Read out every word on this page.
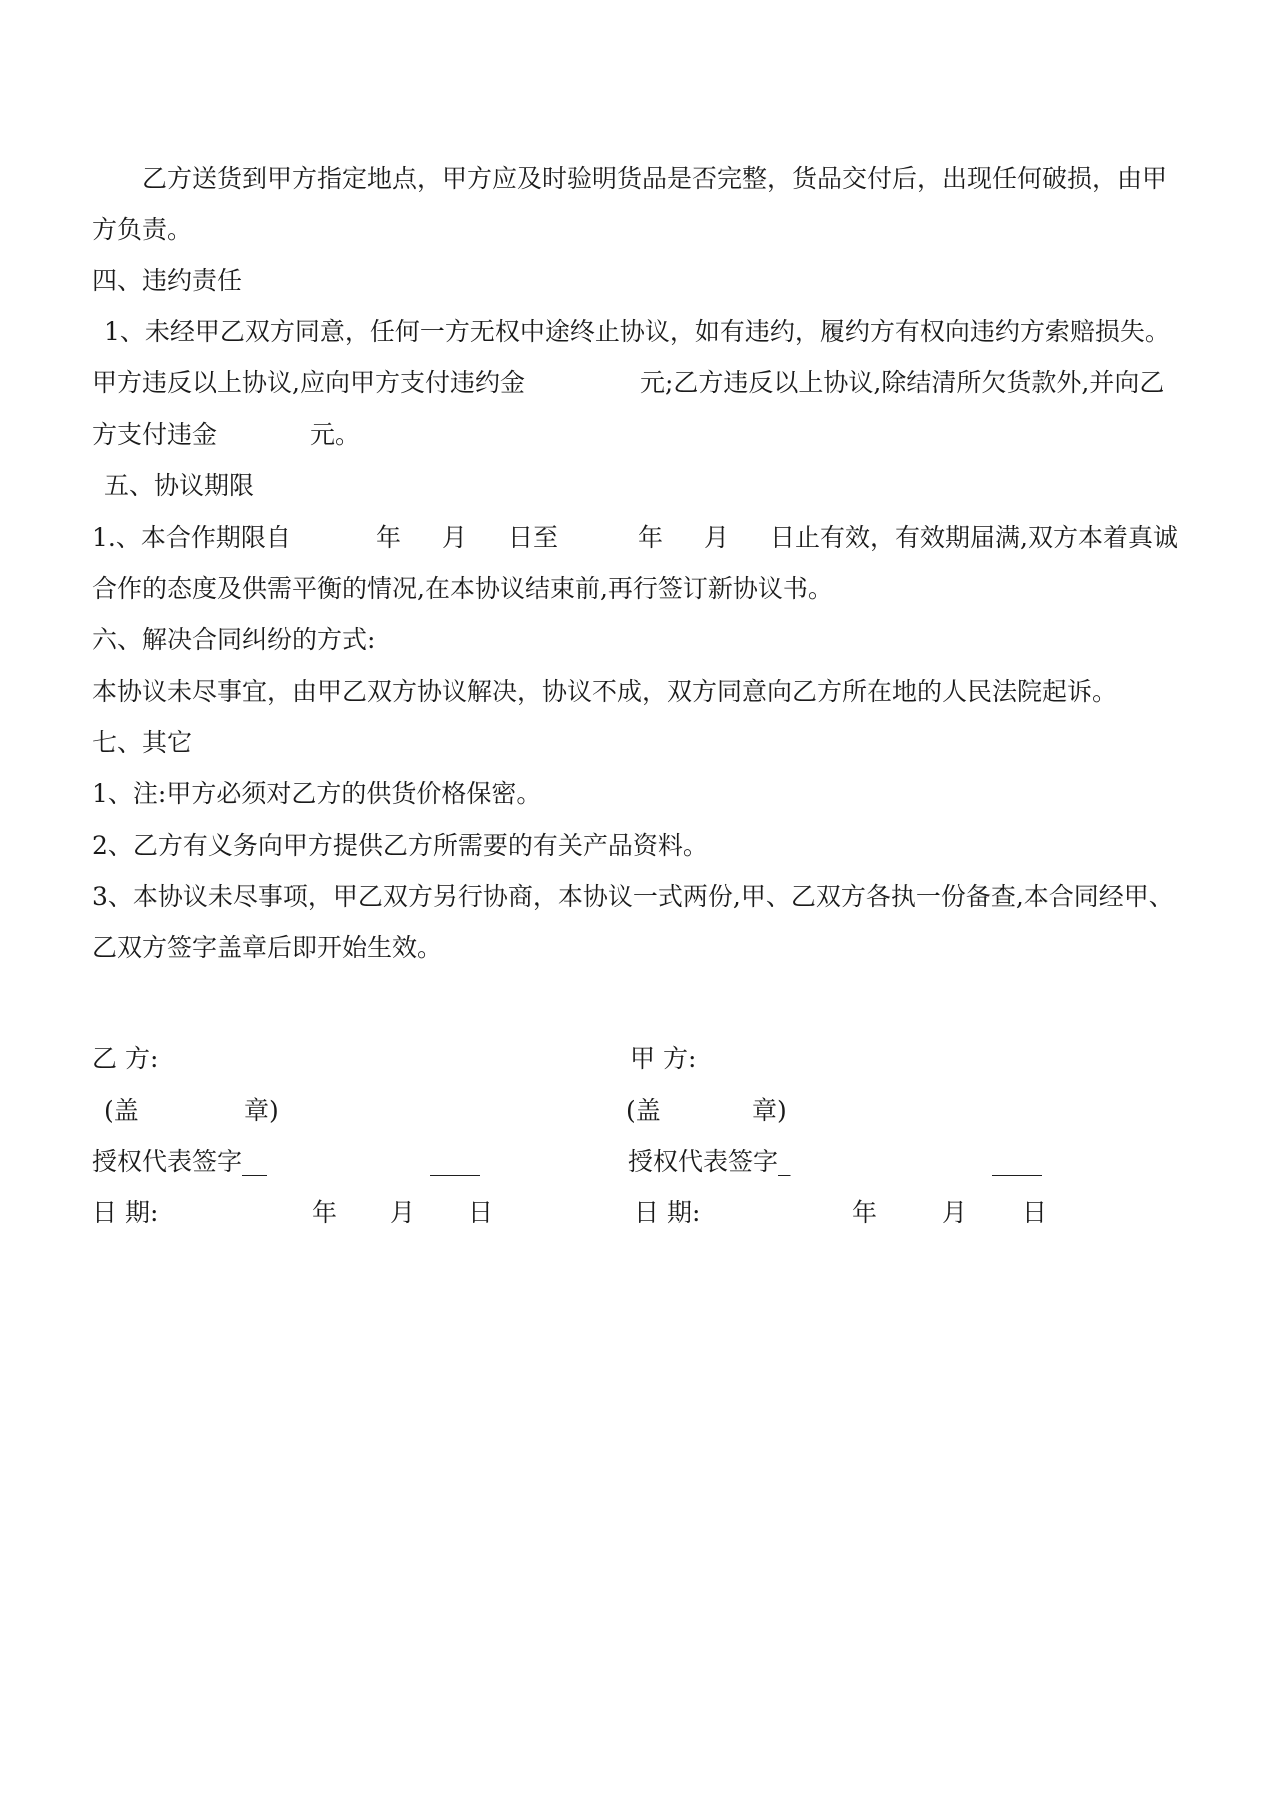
乙方送货到甲方指定地点，甲方应及时验明货品是否完整，货品交付后，出现任何破损，由甲
方负责。
四、违约责任
1、未经甲乙双方同意，任何一方无权中途终止协议，如有违约，履约方有权向违约方索赔损失。
甲方违反以上协议,应向甲方支付违约金	元;乙方违反以上协议,除结清所欠货款外,并向乙
方支付违金	元。
五、协议期限
1.、本合作期限自	年 月 日至	年 月 日止有效，有效期届满,双方本着真诚
合作的态度及供需平衡的情况,在本协议结束前,再行签订新协议书。
六、解决合同纠纷的方式:
本协议未尽事宜，由甲乙双方协议解决，协议不成，双方同意向乙方所在地的人民法院起诉。
七、其它
1、注:甲方必须对乙方的供货价格保密。
2、乙方有义务向甲方提供乙方所需要的有关产品资料。
3、本协议未尽事项，甲乙双方另行协商，本协议一式两份,甲、乙双方各执一份备查,本合同经甲、
乙双方签字盖章后即开始生效。
乙 方:
(盖	章)
授权代表签字__	____
日 期:	年 月 日
甲 方:
(盖	章)
授权代表签字_	____
日 期:	年	月 日
